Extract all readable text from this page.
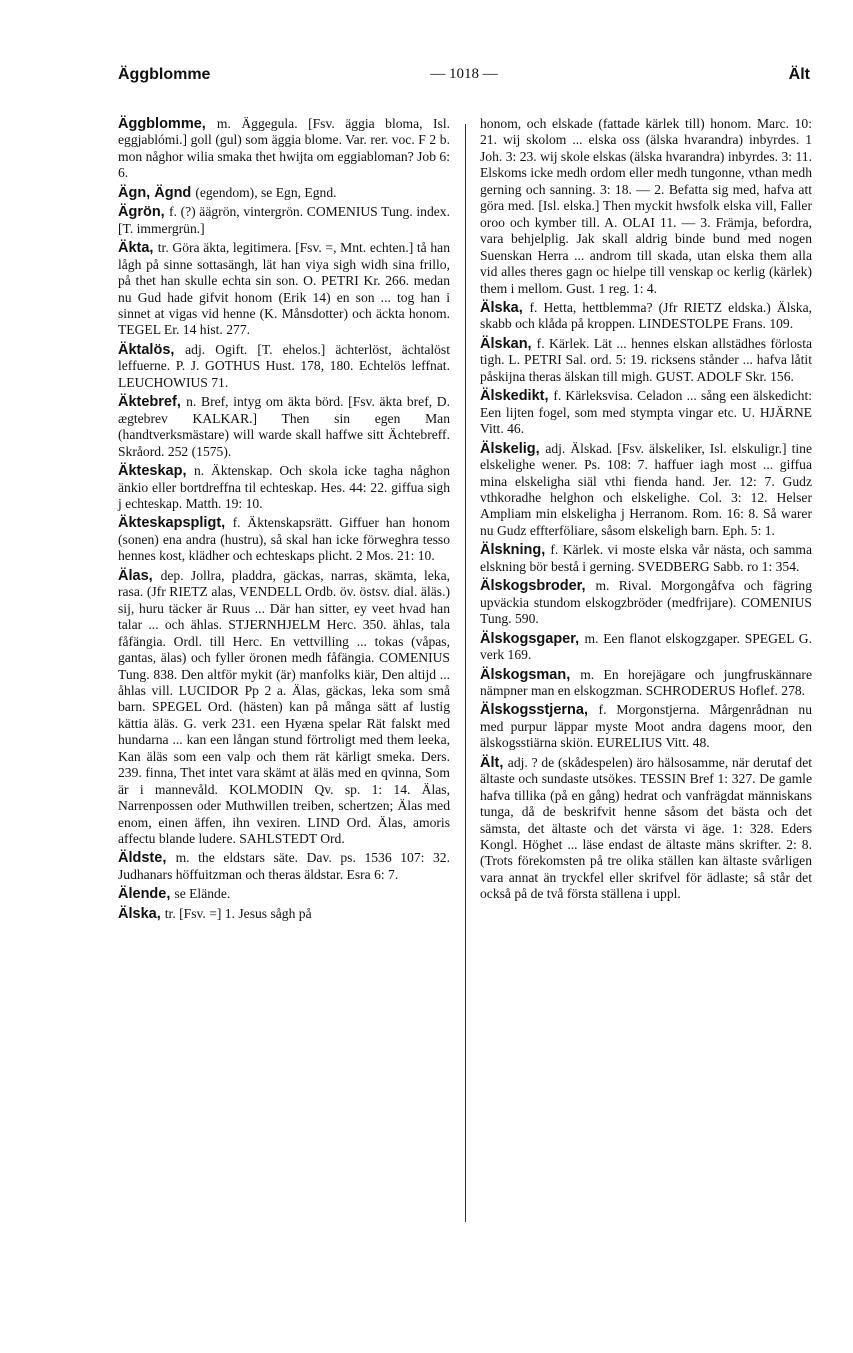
Äggblomme	— 1018 —	Ält

Äggblomme, m. Äggegula. [Fsv. äggia bloma, Isl. eggjablómi.] goll (gul) som äggia blome. Var. rer. voc. F 2 b. mon någhor wilia smaka thet hwijta om eggiabloman? Job 6: 6.

Ägn, Ägnd (egendom), se Egn, Egnd.

Ägrön, f. (?) äägrön, vintergrön. COMENIUS Tung. index. [T. immergrün.]

Äkta, tr. Göra äkta, legitimera. [Fsv. =, Mnt. echten.] tå han lågh på sinne sottasängh, lät han viya sigh widh sina frillo, på thet han skulle echta sin son. O. PETRI Kr. 266. medan nu Gud hade gifvit honom (Erik 14) en son ... tog han i sinnet at vigas vid henne (K. Månsdotter) och äckta honom. TEGEL Er. 14 hist. 277.

Äktalös, adj. Ogift. [T. ehelos.] ächterlöst, ächtalöst leffuerne. P. J. GOTHUS Hust. 178, 180. Echtelös leffnat. LEUCHOWIUS 71.

Äktebref, n. Bref, intyg om äkta börd. [Fsv. äkta bref, D. ægtebrev KALKAR.] Then sin egen Man (handtverksmästare) will warde skall haffwe sitt Ächtebreff. Skråord. 252 (1575).

Äkteskap, n. Äktenskap. Och skola icke tagha någhon änkio eller bortdreffna til echteskap. Hes. 44: 22. giffua sigh j echteskap. Matth. 19: 10.

Äkteskapspligt, f. Äktenskapsrätt. Giffuer han honom (sonen) ena andra (hustru), så skal han icke förweghra tesso hennes kost, klädher och echteskaps plicht. 2 Mos. 21: 10.

Älas, dep. Jollra, pladdra, gäckas, narras, skämta, leka, rasa. (Jfr RIETZ alas, VENDELL Ordb. öv. östsv. dial. äläs.) sij, huru täcker är Ruus ... Där han sitter, ey veet hvad han talar ... och ählas. STJERNHJELM Herc. 350. ählas, tala fåfängia. Ordl. till Herc. En vettvilling ... tokas (våpas, gantas, älas) och fyller öronen medh fåfängia. COMENIUS Tung. 838. Den altför mykit (är) manfolks kiär, Den altijd ... åhlas vill. LUCIDOR Pp 2 a. Älas, gäckas, leka som små barn. SPEGEL Ord. (hästen) kan på många sätt af lustig kättia äläs. G. verk 231. een Hyæna spelar Rät falskt med hundarna ... kan een långan stund förtroligt med them leeka, Kan äläs som een valp och them rät kärligt smeka. Ders. 239. finna, Thet intet vara skämt at äläs med en qvinna, Som är i mannevåld. KOLMODIN Qv. sp. 1: 14. Älas, Narrenpossen oder Muthwillen treiben, schertzen; Älas med enom, einen äffen, ihn vexiren. LIND Ord. Älas, amoris affectu blande ludere. SAHLSTEDT Ord.

Äldste, m. the eldstars säte. Dav. ps. 1536 107: 32. Judhanars höffuitzman och theras äldstar. Esra 6: 7.

Älende, se Elände.

Älska, tr. [Fsv. =] 1. Jesus sågh på

honom, och elskade (fattade kärlek till) honom. Marc. 10: 21. wij skolom ... elska oss (älska hvarandra) inbyrdes. 1 Joh. 3: 23. wij skole elskas (älska hvarandra) inbyrdes. 3: 11. Elskoms icke medh ordom eller medh tungonne, vthan medh gerning och sanning. 3: 18. — 2. Befatta sig med, hafva att göra med. [Isl. elska.] Then myckit hwsfolk elska vill, Faller oroo och kymber till. A. OLAI 11. — 3. Främja, befordra, vara behjelplig. Jak skall aldrig binde bund med nogen Suenskan Herra ... androm till skada, utan elska them alla vid alles theres gagn oc hielpe till venskap oc kerlig (kärlek) them i mellom. Gust. 1 reg. 1: 4.

Älska, f. Hetta, hettblemma? (Jfr RIETZ eldska.) Älska, skabb och klåda på kroppen. LINDESTOLPE Frans. 109.

Älskan, f. Kärlek. Lät ... hennes elskan allstädhes förlosta tigh. L. PETRI Sal. ord. 5: 19. ricksens stånder ... hafva låtit påskijna theras älskan till migh. GUST. ADOLF Skr. 156.

Älskedikt, f. Kärleksvisa. Celadon ... sång een älskedicht: Een lijten fogel, som med stympta vingar etc. U. HJÄRNE Vitt. 46.

Älskelig, adj. Älskad. [Fsv. älskeliker, Isl. elskuligr.] tine elskelighe wener. Ps. 108: 7. haffuer iagh most ... giffua mina elskeligha siäl vthi fienda hand. Jer. 12: 7. Gudz vthkoradhe helghon och elskelighe. Col. 3: 12. Helser Ampliam min elskeligha j Herranom. Rom. 16: 8. Så warer nu Gudz effterföliare, såsom elskeligh barn. Eph. 5: 1.

Älskning, f. Kärlek. vi moste elska vår nästa, och samma elskning bör bestå i gerning. SVEDBERG Sabb. ro 1: 354.

Älskogsbroder, m. Rival. Morgongåfva och fägring upväckia stundom elskogzbröder (medfrijare). COMENIUS Tung. 590.

Älskogsgaper, m. Een flanot elskogzgaper. SPEGEL G. verk 169.

Älskogsman, m. En horejägare och jungfruskännare nämpner man en elskogzman. SCHRODERUS Hoflef. 278.

Älskogsstjerna, f. Morgonstjerna. Mårgenrådnan nu med purpur läppar myste Moot andra dagens moor, den älskogsstiärna skiön. EURELIUS Vitt. 48.

Ält, adj. ? de (skådespelen) äro hälsosamme, när derutaf det ältaste och sundaste utsökes. TESSIN Bref 1: 327. De gamle hafva tillika (på en gång) hedrat och vanfrägdat människans tunga, då de beskrifvit henne såsom det bästa och det sämsta, det ältaste och det värsta vi äge. 1: 328. Eders Kongl. Höghet ... läse endast de ältaste mäns skrifter. 2: 8. (Trots förekomsten på tre olika ställen kan ältaste svårligen vara annat än tryckfel eller skrifvel för ädlaste; så står det också på de två första ställena i uppl.
